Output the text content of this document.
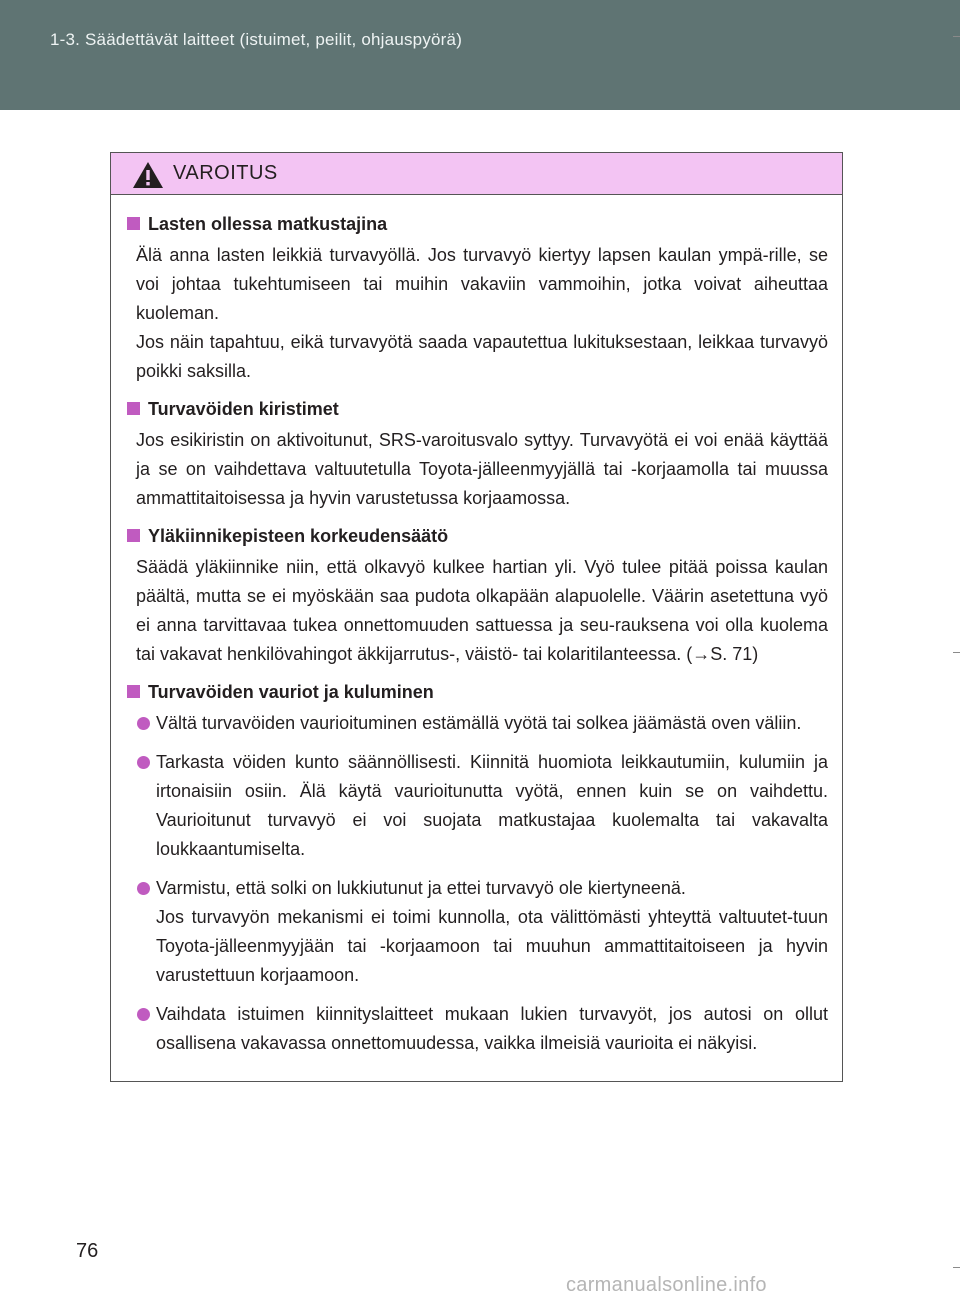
1-3. Säädettävät laitteet (istuimet, peilit, ohjauspyörä)
VAROITUS
Lasten ollessa matkustajina
Älä anna lasten leikkiä turvavyöllä. Jos turvavyö kiertyy lapsen kaulan ympä-rille, se voi johtaa tukehtumiseen tai muihin vakaviin vammoihin, jotka voivat aiheuttaa kuoleman.
Jos näin tapahtuu, eikä turvavyötä saada vapautettua lukituksestaan, leikkaa turvavyö poikki saksilla.
Turvavöiden kiristimet
Jos esikiristin on aktivoitunut, SRS-varoitusvalo syttyy. Turvavyötä ei voi enää käyttää ja se on vaihdettava valtuutetulla Toyota-jälleenmyyjällä tai -korjaamolla tai muussa ammattitaitoisessa ja hyvin varustetussa korjaamossa.
Yläkiinnikepisteen korkeudensäätö
Säädä yläkiinnike niin, että olkavyö kulkee hartian yli. Vyö tulee pitää poissa kaulan päältä, mutta se ei myöskään saa pudota olkapään alapuolelle. Väärin asetettuna vyö ei anna tarvittavaa tukea onnettomuuden sattuessa ja seu-rauksena voi olla kuolema tai vakavat henkilövahingot äkkijarrutus-, väistö- tai kolaritilanteessa. (→S. 71)
Turvavöiden vauriot ja kuluminen
Vältä turvavöiden vaurioituminen estämällä vyötä tai solkea jäämästä oven väliin.
Tarkasta vöiden kunto säännöllisesti. Kiinnitä huomiota leikkautumiin, kulumiin ja irtonaisiin osiin. Älä käytä vaurioitunutta vyötä, ennen kuin se on vaihdettu. Vaurioitunut turvavyö ei voi suojata matkustajaa kuolemalta tai vakavalta loukkaantumiselta.
Varmistu, että solki on lukkiutunut ja ettei turvavyö ole kiertyneenä.
Jos turvavyön mekanismi ei toimi kunnolla, ota välittömästi yhteyttä valtuutet-tuun Toyota-jälleenmyyjään tai -korjaamoon tai muuhun ammattitaitoiseen ja hyvin varustettuun korjaamoon.
Vaihdata istuimen kiinnityslaitteet mukaan lukien turvavyöt, jos autosi on ollut osallisena vakavassa onnettomuudessa, vaikka ilmeisiä vaurioita ei näkyisi.
76
carmanualsonline.info
